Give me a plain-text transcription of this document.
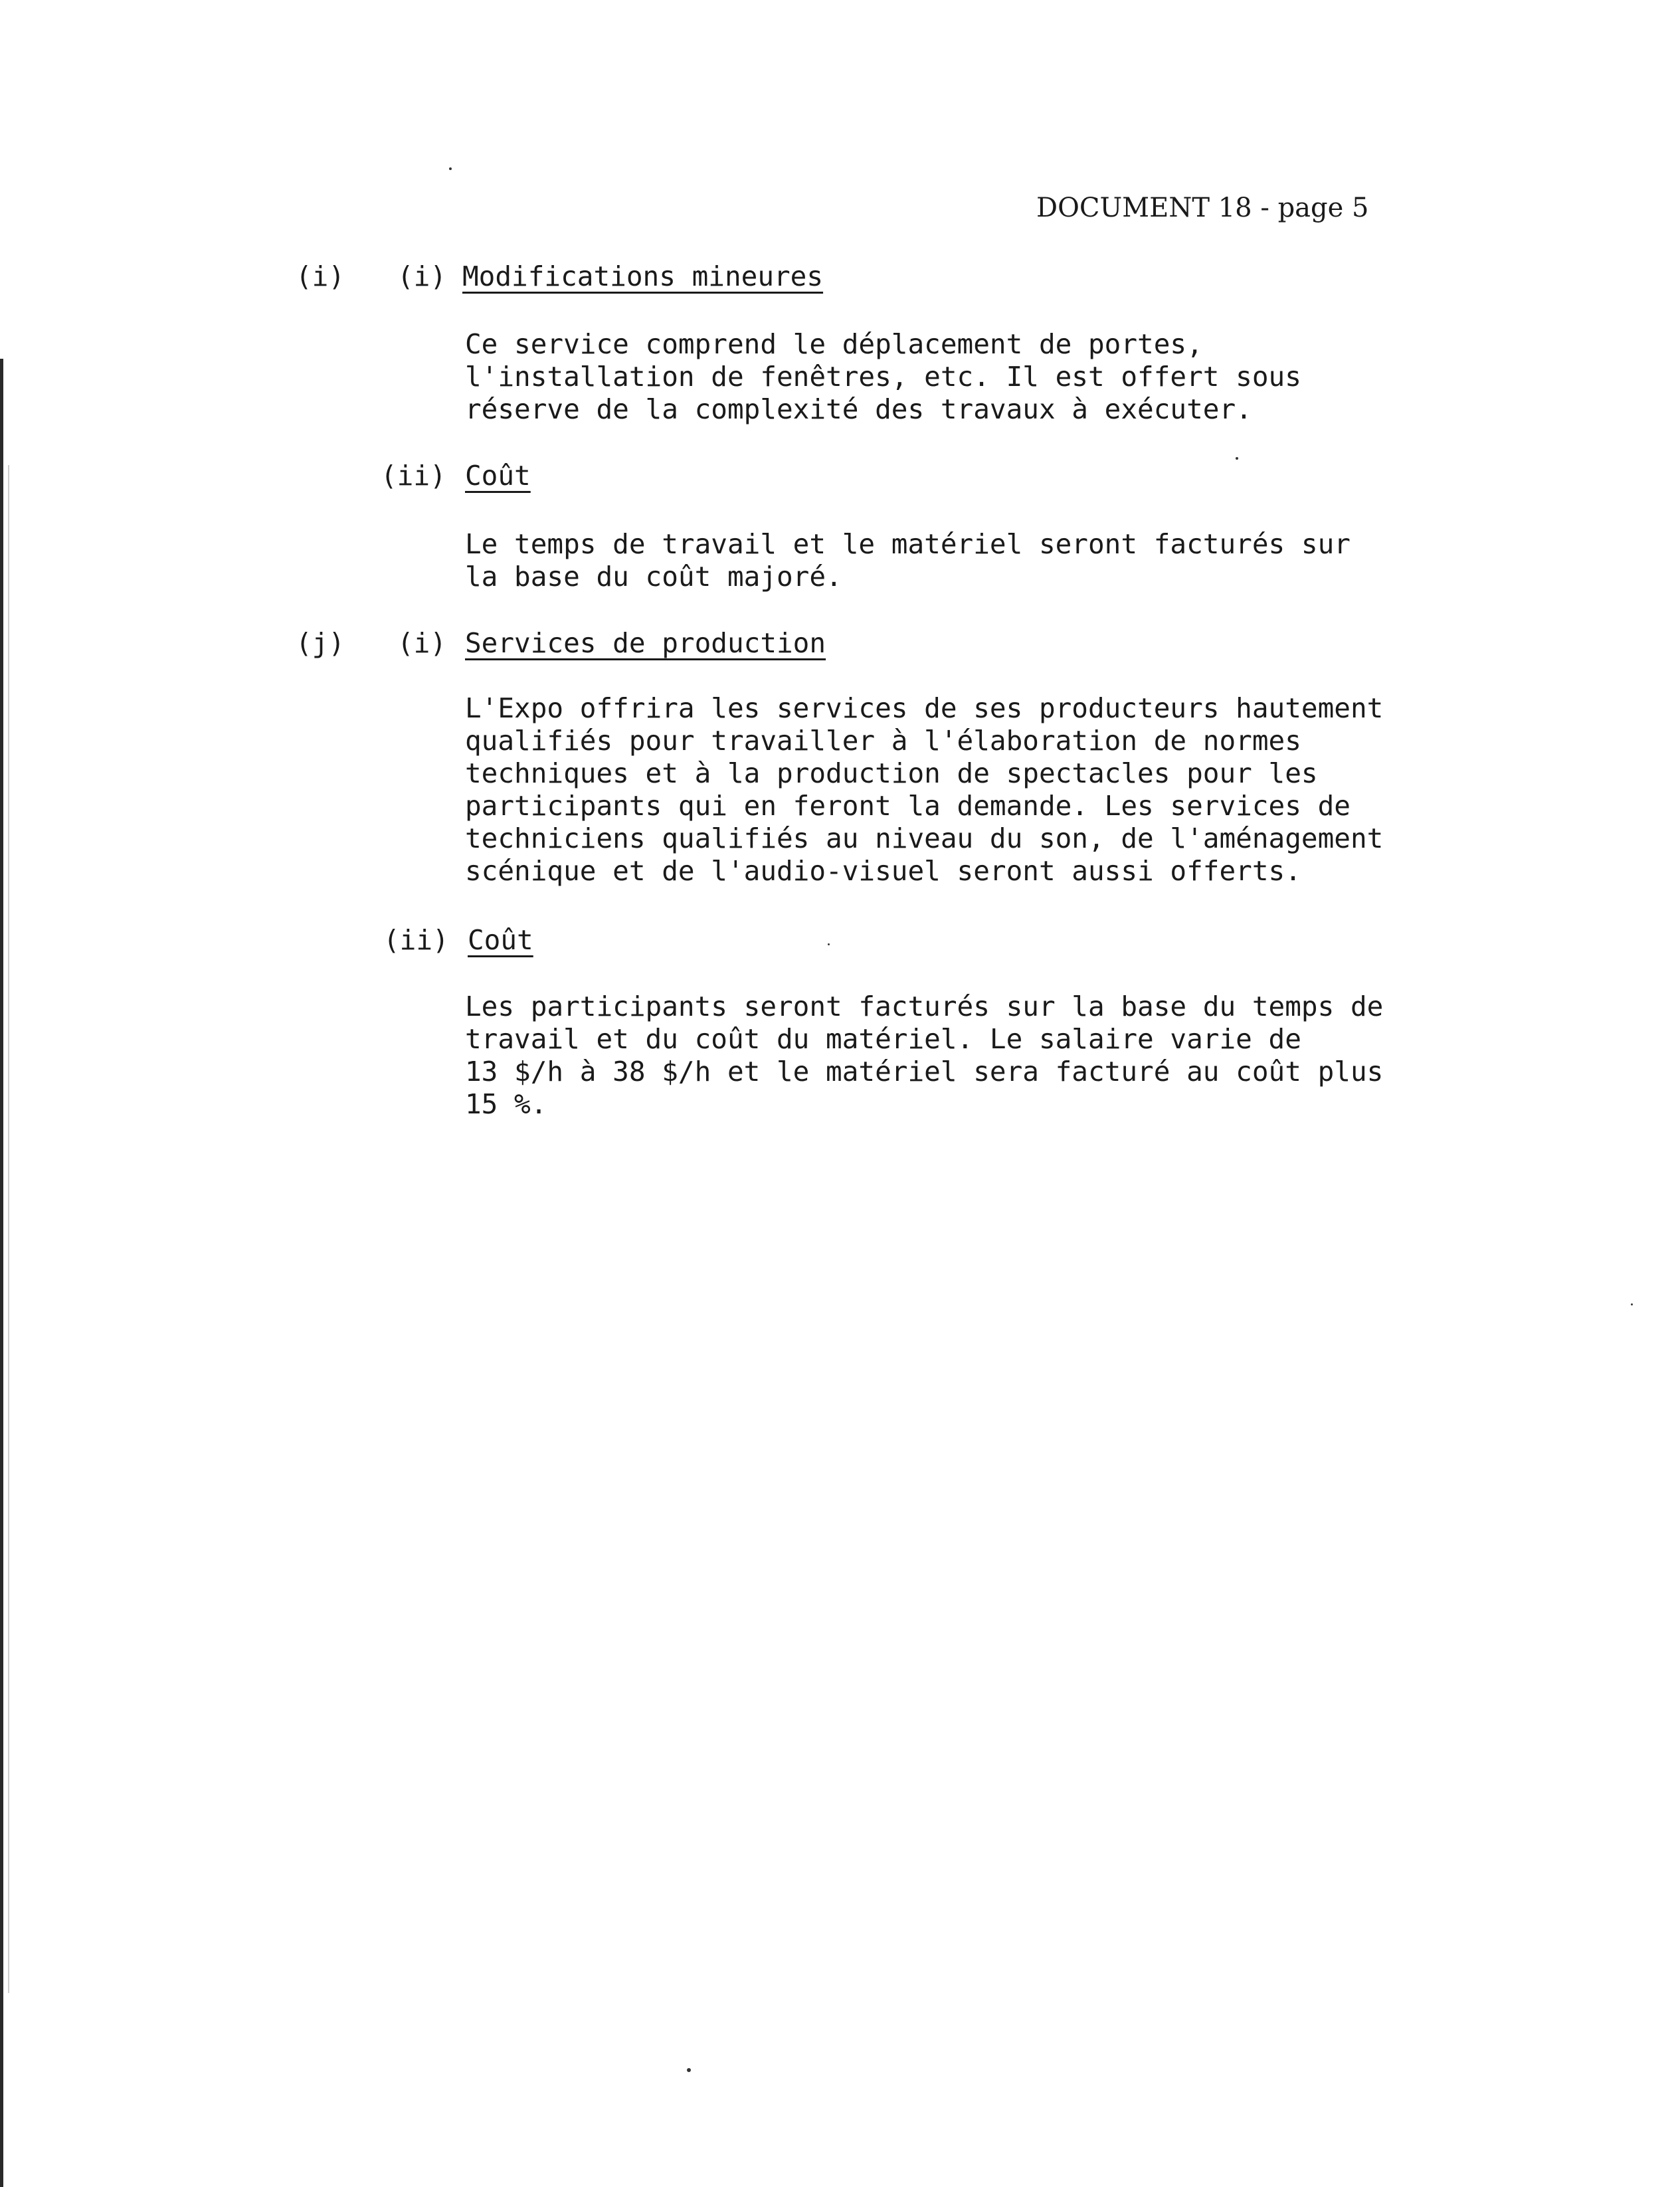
DOCUMENT 18 - page 5
(i) (i) Modifications mineures
Ce service comprend le déplacement de portes,
l'installation de fenêtres, etc. Il est offert sous
réserve de la complexité des travaux à exécuter.
(ii) Coût
Le temps de travail et le matériel seront facturés sur
la base du coût majoré.
(j) (i) Services de production
L'Expo offrira les services de ses producteurs hautement
qualifiés pour travailler à l'élaboration de normes
techniques et à la production de spectacles pour les
participants qui en feront la demande. Les services de
techniciens qualifiés au niveau du son, de l'aménagement
scénique et de l'audio-visuel seront aussi offerts.
(ii) Coût
Les participants seront facturés sur la base du temps de
travail et du coût du matériel. Le salaire varie de
13 $/h à 38 $/h et le matériel sera facturé au coût plus
15 %.
